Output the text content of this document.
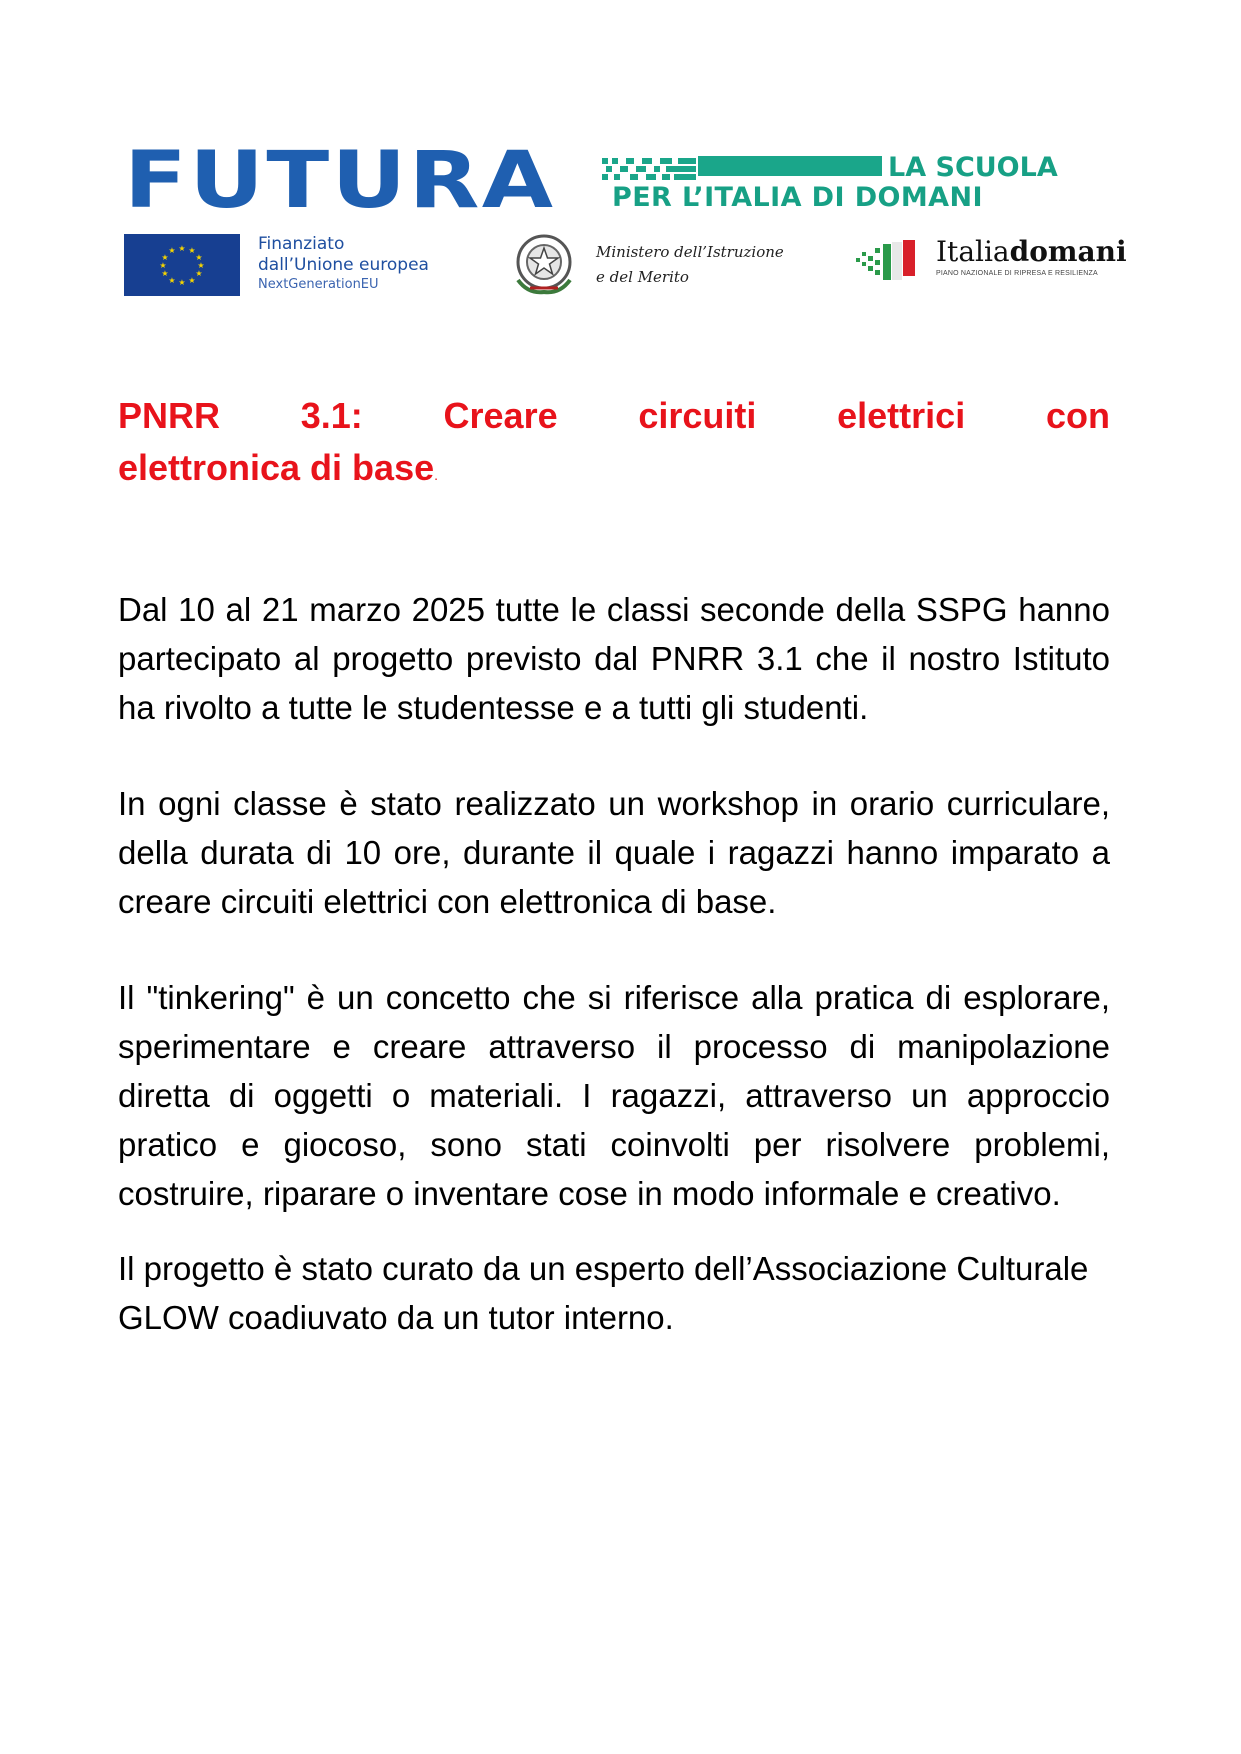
FUTURA	LA SCUOLA
PER L’ITALIA DI DOMANI
★ ★
★
★
★
★
★
★
★
★
★
★	Finanziato
dall’Unione europea
NextGenerationEU
Ministero dell’Istruzione
e del Merito
Italiadomani
PIANO NAZIONALE DI RIPRESA E RESILIENZA
PNRR 3.1: Creare circuiti elettrici con
elettronica di base.

Dal 10 al 21 marzo 2025 tutte le classi seconde della SSPG hanno partecipato al progetto previsto dal PNRR 3.1 che il nostro Istituto ha rivolto a tutte le studentesse e a tutti gli studenti.

In ogni classe è stato realizzato un workshop in orario curriculare, della durata di 10 ore, durante il quale i ragazzi hanno imparato a creare circuiti elettrici con elettronica di base.

Il "tinkering" è un concetto che si riferisce alla pratica di esplorare, sperimentare e creare attraverso il processo di manipolazione diretta di oggetti o materiali. I ragazzi, attraverso un approccio pratico e giocoso, sono stati coinvolti per risolvere problemi, costruire, riparare o inventare cose in modo informale e creativo.

Il progetto è stato curato da un esperto dell’Associazione Culturale GLOW coadiuvato da un tutor interno.
